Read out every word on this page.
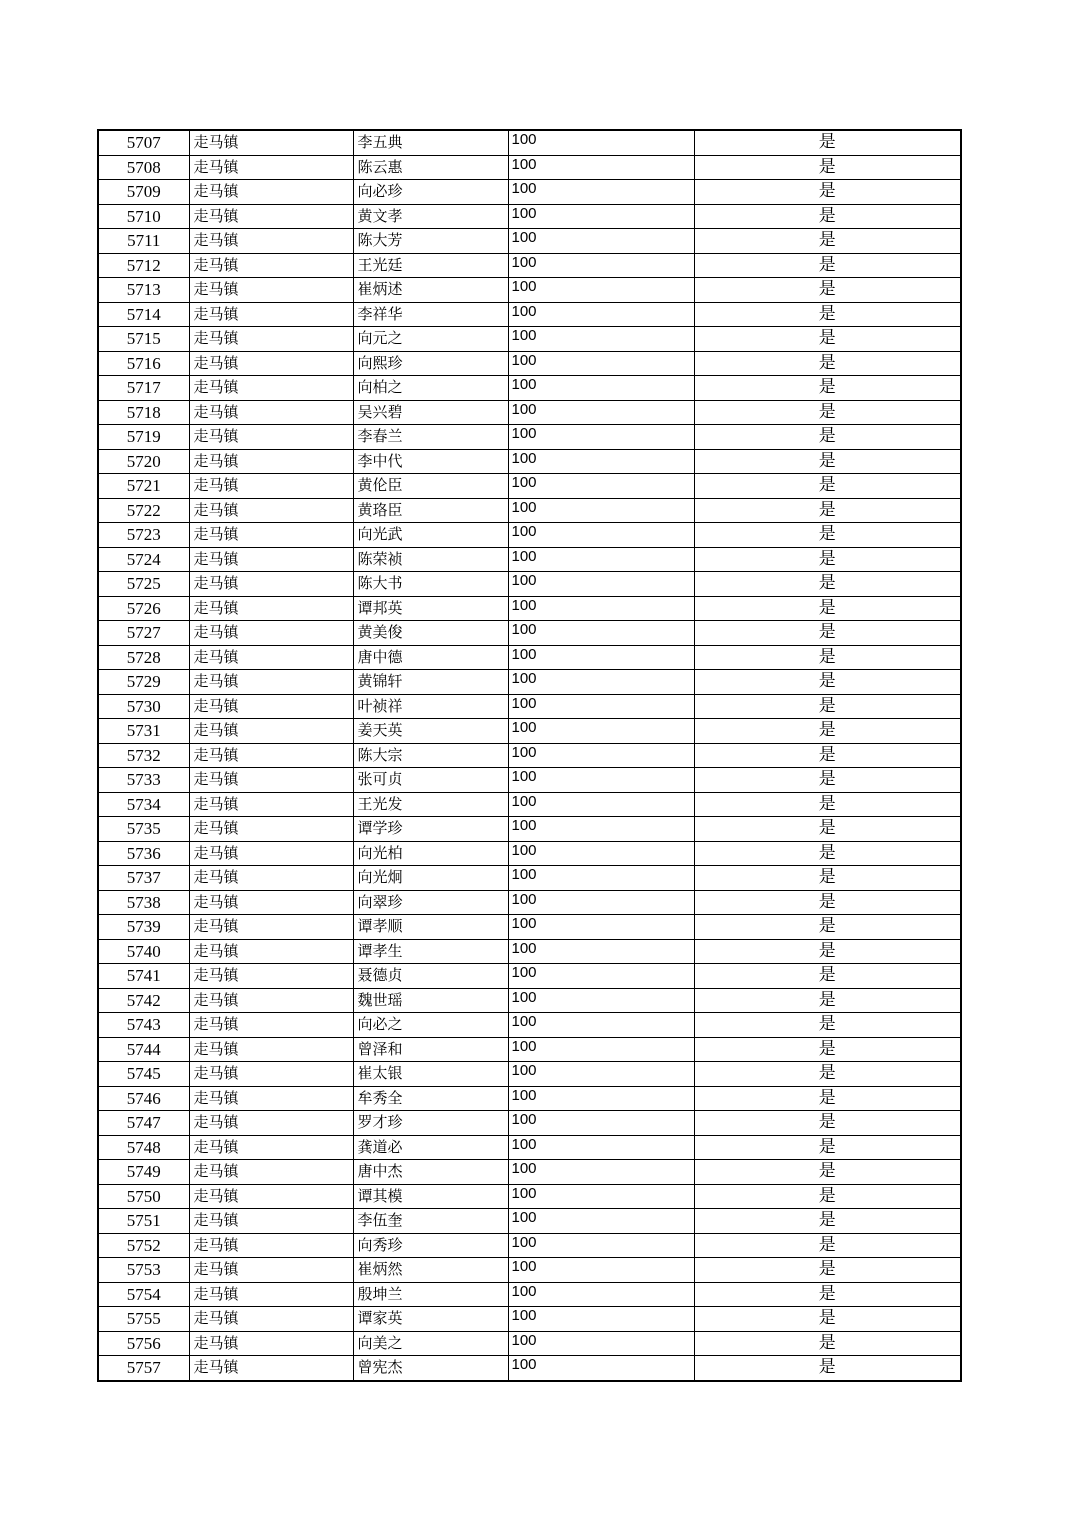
5707	走马镇	李五典	100	是
5708	走马镇	陈云惠	100	是
5709	走马镇	向必珍	100	是
5710	走马镇	黄文孝	100	是
5711	走马镇	陈大芳	100	是
5712	走马镇	王光廷	100	是
5713	走马镇	崔炳述	100	是
5714	走马镇	李祥华	100	是
5715	走马镇	向元之	100	是
5716	走马镇	向熙珍	100	是
5717	走马镇	向柏之	100	是
5718	走马镇	吴兴碧	100	是
5719	走马镇	李春兰	100	是
5720	走马镇	李中代	100	是
5721	走马镇	黄伦臣	100	是
5722	走马镇	黄珞臣	100	是
5723	走马镇	向光武	100	是
5724	走马镇	陈荣祯	100	是
5725	走马镇	陈大书	100	是
5726	走马镇	谭邦英	100	是
5727	走马镇	黄美俊	100	是
5728	走马镇	唐中德	100	是
5729	走马镇	黄锦轩	100	是
5730	走马镇	叶祯祥	100	是
5731	走马镇	姜天英	100	是
5732	走马镇	陈大宗	100	是
5733	走马镇	张可贞	100	是
5734	走马镇	王光发	100	是
5735	走马镇	谭学珍	100	是
5736	走马镇	向光柏	100	是
5737	走马镇	向光炯	100	是
5738	走马镇	向翠珍	100	是
5739	走马镇	谭孝顺	100	是
5740	走马镇	谭孝生	100	是
5741	走马镇	聂德贞	100	是
5742	走马镇	魏世瑶	100	是
5743	走马镇	向必之	100	是
5744	走马镇	曾泽和	100	是
5745	走马镇	崔太银	100	是
5746	走马镇	牟秀全	100	是
5747	走马镇	罗才珍	100	是
5748	走马镇	龚道必	100	是
5749	走马镇	唐中杰	100	是
5750	走马镇	谭其模	100	是
5751	走马镇	李伍奎	100	是
5752	走马镇	向秀珍	100	是
5753	走马镇	崔炳然	100	是
5754	走马镇	殷坤兰	100	是
5755	走马镇	谭家英	100	是
5756	走马镇	向美之	100	是
5757	走马镇	曾宪杰	100	是
